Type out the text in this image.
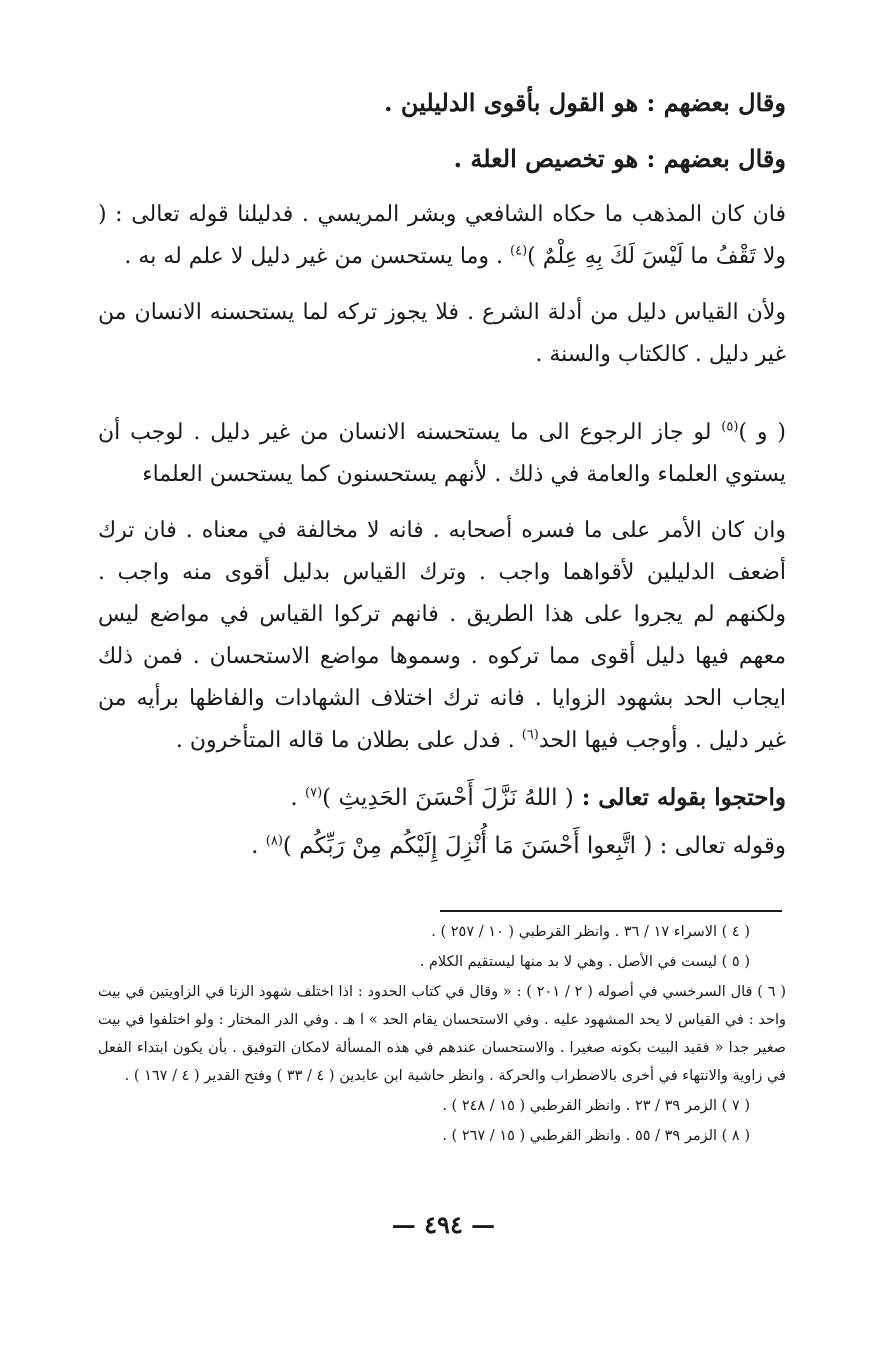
وقال بعضهم : هو القول بأقوى الدليلين .

وقال بعضهم : هو تخصيص العلة .

فان كان المذهب ما حكاه الشافعي وبشر المريسي . فدليلنا قوله تعالى : ( ولا تَقْفُ ما لَيْسَ لَكَ بِهِ عِلْمٌ )$^{(٤)}$ . وما يستحسن من غير دليل لا علم له به .

ولأن القياس دليل من أدلة الشرع . فلا يجوز تركه لما يستحسنه الانسان من غير دليل . كالكتاب والسنة .

( و )$^{(٥)}$ لو جاز الرجوع الى ما يستحسنه الانسان من غير دليل . لوجب أن يستوي العلماء والعامة في ذلك . لأنهم يستحسنون كما يستحسن العلماء

وان كان الأمر على ما فسره أصحابه . فانه لا مخالفة في معناه . فان ترك أضعف الدليلين لأقواهما واجب . وترك القياس بدليل أقوى منه واجب . ولكنهم لم يجروا على هذا الطريق . فانهم تركوا القياس في مواضع ليس معهم فيها دليل أقوى مما تركوه . وسموها مواضع الاستحسان . فمن ذلك ايجاب الحد بشهود الزوايا . فانه ترك اختلاف الشهادات والفاظها برأيه من غير دليل . وأوجب فيها الحد$^{(٦)}$ . فدل على بطلان ما قاله المتأخرون .

واحتجوا بقوله تعالى : ( اللهُ نَزَّلَ أَحْسَنَ الحَدِيثِ )$^{(٧)}$ .

وقوله تعالى : ( اتَّبِعوا أَحْسَنَ مَا أُنْزِلَ إِلَيْكُم مِنْ رَبِّكُم )$^{(٨)}$ .

( ٤ ) الاسراء ١٧ / ٣٦ . وانظر القرطبي ( ١٠ / ٢٥٧ ) .

( ٥ ) ليست في الأصل . وهي لا بد منها ليستقيم الكلام .

( ٦ ) قال السرخسي في أصوله ( ٢ / ٢٠١ ) : « وقال في كتاب الحدود : اذا اختلف شهود الزنا في الزاويتين في بيت واحد : في القياس لا يحد المشهود عليه . وفي الاستحسان يقام الحد » ا هـ . وفي الدر المختار : ولو اختلفوا في بيت صغير جدا « فقيد البيت بكونه صغيرا . والاستحسان عندهم في هذه المسألة لامكان التوفيق . بأن يكون ابتداء الفعل في زاوية والانتهاء في أخرى بالاضطراب والحركة . وانظر حاشية ابن عابدين ( ٤ / ٣٣ ) وفتح القدير ( ٤ / ١٦٧ ) .

( ٧ ) الزمر ٣٩ / ٢٣ . وانظر القرطبي ( ١٥ / ٢٤٨ ) .

( ٨ ) الزمر ٣٩ / ٥٥ . وانظر القرطبي ( ١٥ / ٢٦٧ ) .

— ٤٩٤ —
